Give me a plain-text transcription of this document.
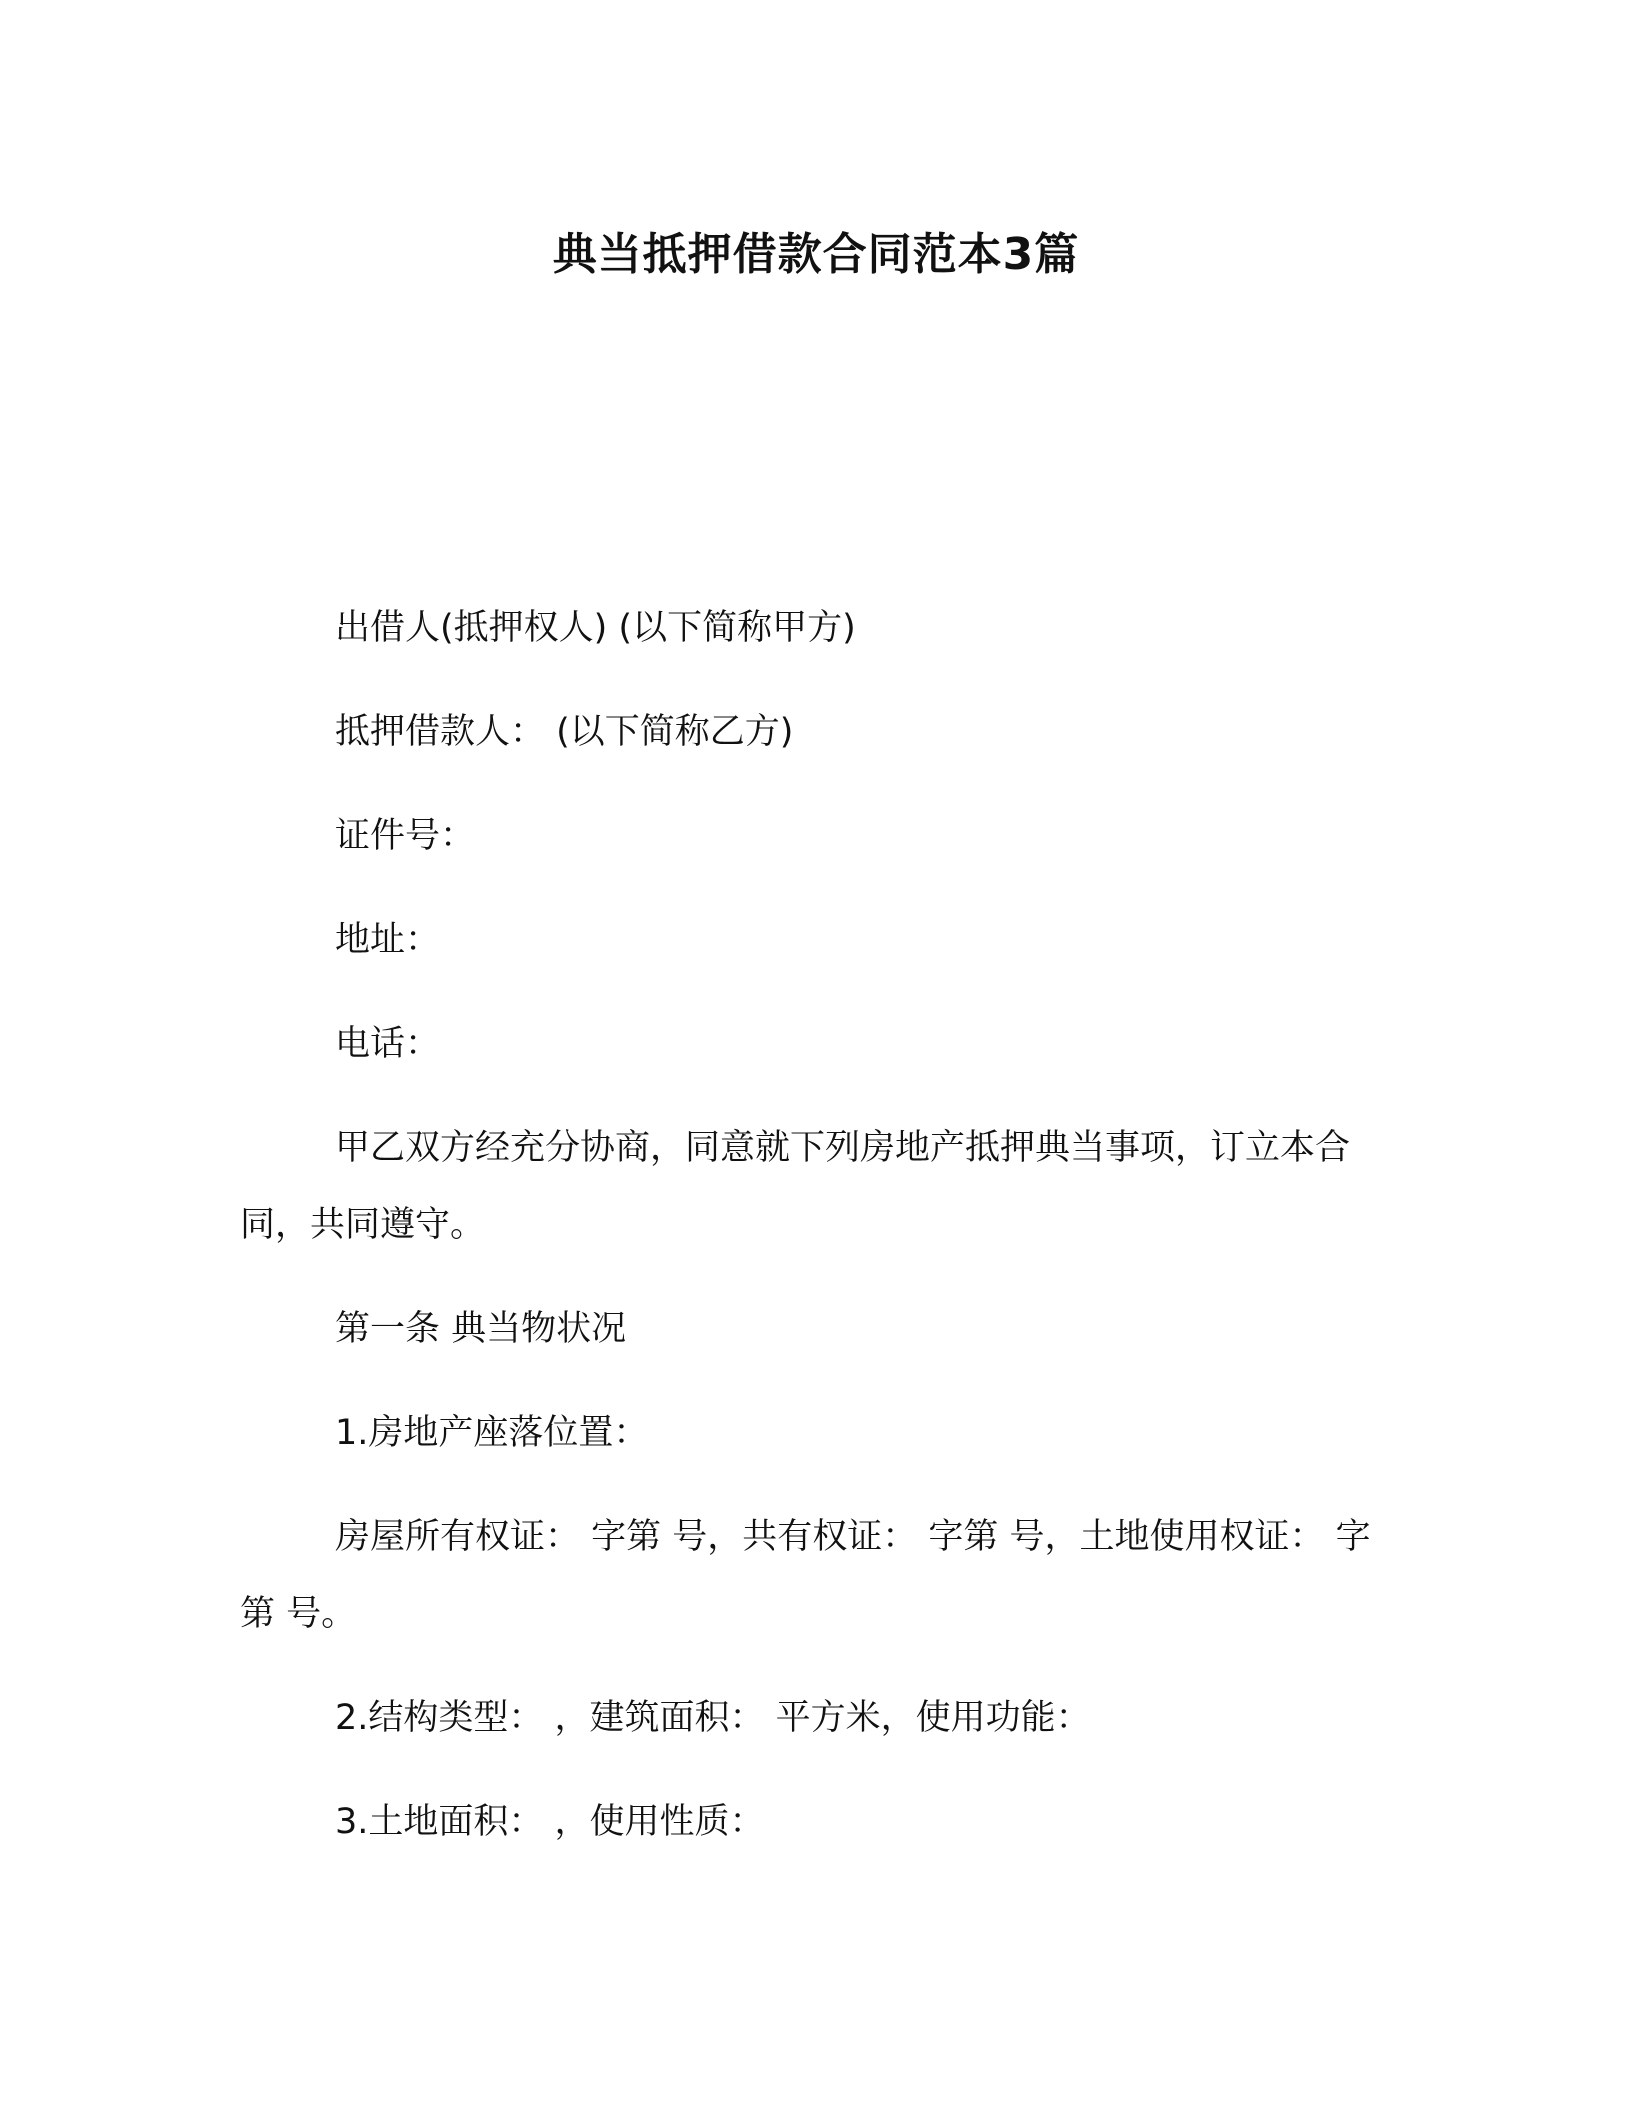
典当抵押借款合同范本3篇

出借人(抵押权人) (以下简称甲方)

抵押借款人： (以下简称乙方)

证件号：

地址：

电话：

甲乙双方经充分协商，同意就下列房地产抵押典当事项，订立本合同，共同遵守。

第一条 典当物状况

1.房地产座落位置：

房屋所有权证： 字第 号，共有权证： 字第 号，土地使用权证： 字第 号。

2.结构类型： ，建筑面积： 平方米，使用功能：

3.土地面积： ，使用性质：
